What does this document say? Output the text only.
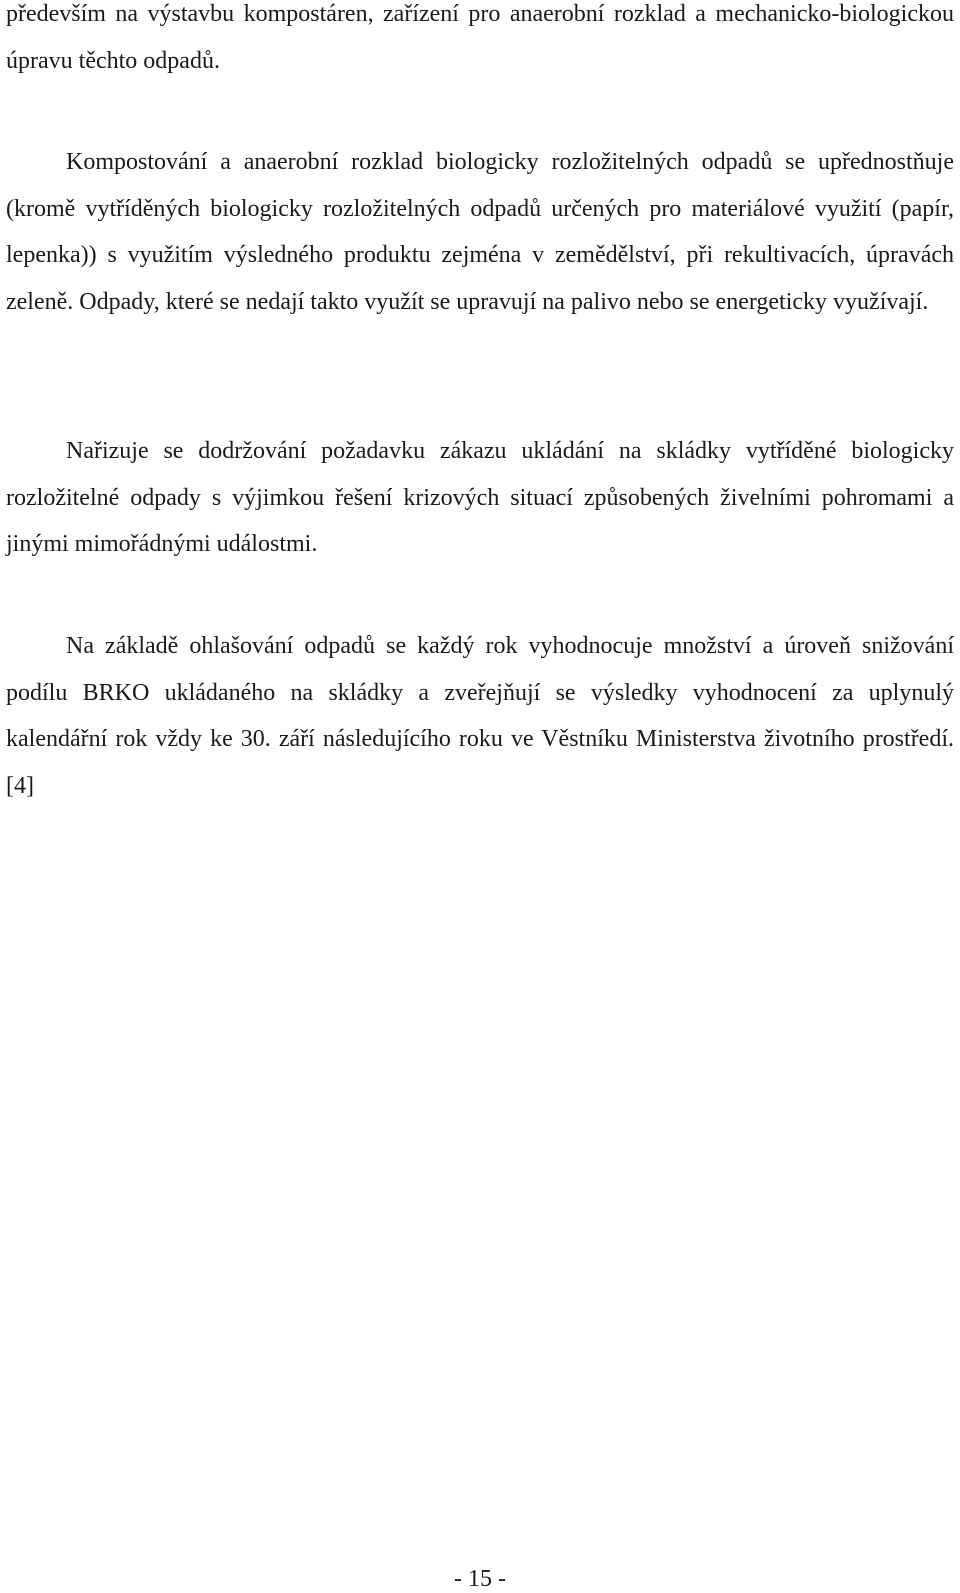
především na výstavbu kompostáren, zařízení pro anaerobní rozklad a mechanicko-biologickou úpravu těchto odpadů.

Kompostování a anaerobní rozklad biologicky rozložitelných odpadů se upřednostňuje (kromě vytříděných biologicky rozložitelných odpadů určených pro materiálové využití (papír, lepenka)) s využitím výsledného produktu zejména v zemědělství, při rekultivacích, úpravách zeleně. Odpady, které se nedají takto využít se upravují na palivo nebo se energeticky využívají.

Nařizuje se dodržování požadavku zákazu ukládání na skládky vytříděné biologicky rozložitelné odpady s výjimkou řešení krizových situací způsobených živelními pohromami a jinými mimořádnými událostmi.

Na základě ohlašování odpadů se každý rok vyhodnocuje množství a úroveň snižování podílu BRKO ukládaného na skládky a zveřejňují se výsledky vyhodnocení za uplynulý kalendářní rok vždy ke 30. září následujícího roku ve Věstníku Ministerstva životního prostředí. [4]

- 15 -
